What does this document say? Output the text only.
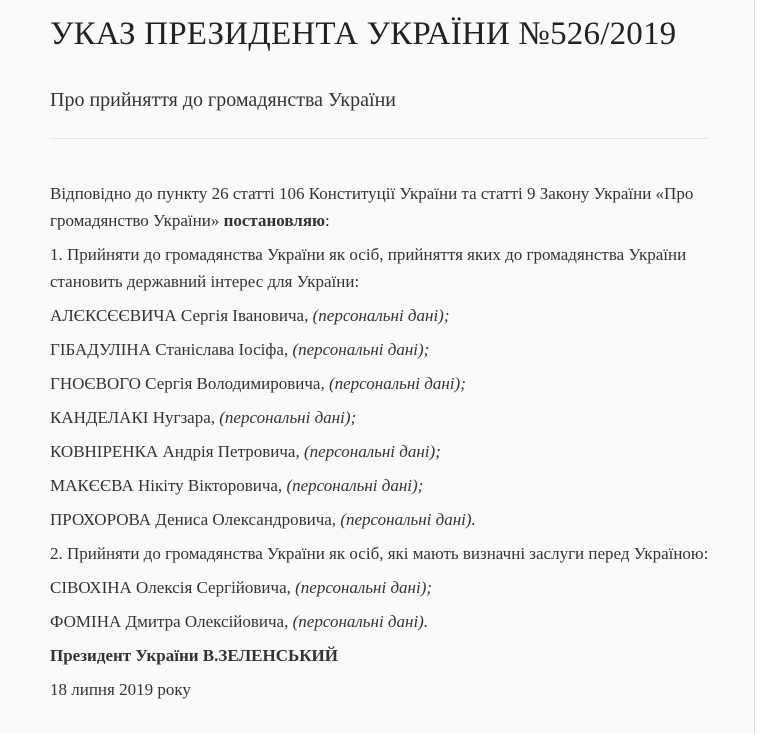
УКАЗ ПРЕЗИДЕНТА УКРАЇНИ №526/2019
Про прийняття до громадянства України

Відповідно до пункту 26 статті 106 Конституції України та статті 9 Закону України «Про громадянство України» постановляю:

1. Прийняти до громадянства України як осіб, прийняття яких до громадянства України становить державний інтерес для України:

АЛЄКСЄЄВИЧА Сергія Івановича, (персональні дані);

ГІБАДУЛІНА Станіслава Іосіфа, (персональні дані);

ГНОЄВОГО Сергія Володимировича, (персональні дані);

КАНДЕЛАКІ Нугзара, (персональні дані);

КОВНІРЕНКА Андрія Петровича, (персональні дані);

МАКЄЄВА Нікіту Вікторовича, (персональні дані);

ПРОХОРОВА Дениса Олександровича, (персональні дані).

2. Прийняти до громадянства України як осіб, які мають визначні заслуги перед Україною:

СІВОХІНА Олексія Сергійовича, (персональні дані);

ФОМІНА Дмитра Олексійовича, (персональні дані).

Президент України В.ЗЕЛЕНСЬКИЙ

18 липня 2019 року
